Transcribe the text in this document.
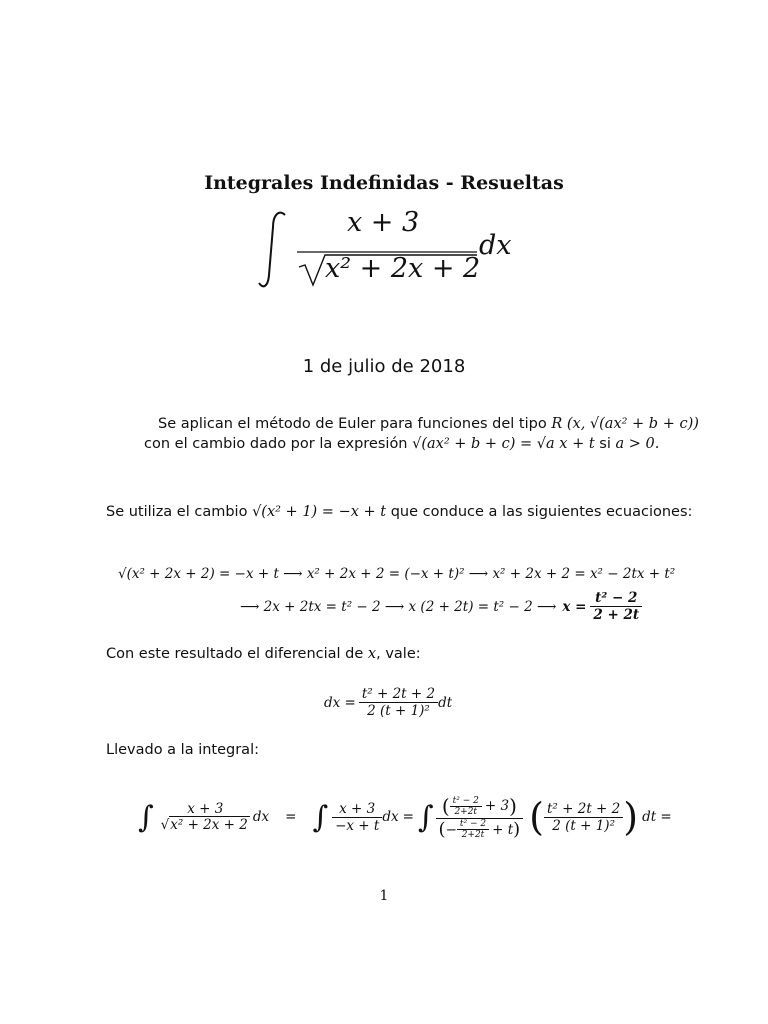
Integrales Indefinidas - Resueltas
x + 3
x² + 2x + 2
dx
1 de julio de 2018
Se aplican el método de Euler para funciones del tipo R (x, √(ax² + b + c))
con el cambio dado por la expresión √(ax² + b + c) = √a x + t si a > 0.
Se utiliza el cambio √(x² + 1) = −x + t que conduce a las siguientes ecuaciones:
√(x² + 2x + 2) = −x + t ⟶ x² + 2x + 2 = (−x + t)² ⟶ x² + 2x + 2 = x² − 2tx + t²
⟶ 2x + 2tx = t² − 2 ⟶ x (2 + 2t) = t² − 2 ⟶ $x = \frac{\text{t² − 2}}{2 + 2t}$
Con este resultado el diferencial de x, vale:
dx = $\frac{\text{t² + 2t + 2}}{\text{2 (t + 1)²}}$ dt
Llevado a la integral:
∫	x + 3
√x² + 2x + 2 dx = ∫ $\frac{x + 3}{-x + t}$ dx = ∫ ( $\frac{\text{t² − 2}}{2+2t} + 3$ )
( − $\frac{\text{t² − 2}}{2+2t} + t$ ) ( $\frac{\text{t² + 2t + 2}}{\text{2 (t + 1)²}}$ ) dt =
1
